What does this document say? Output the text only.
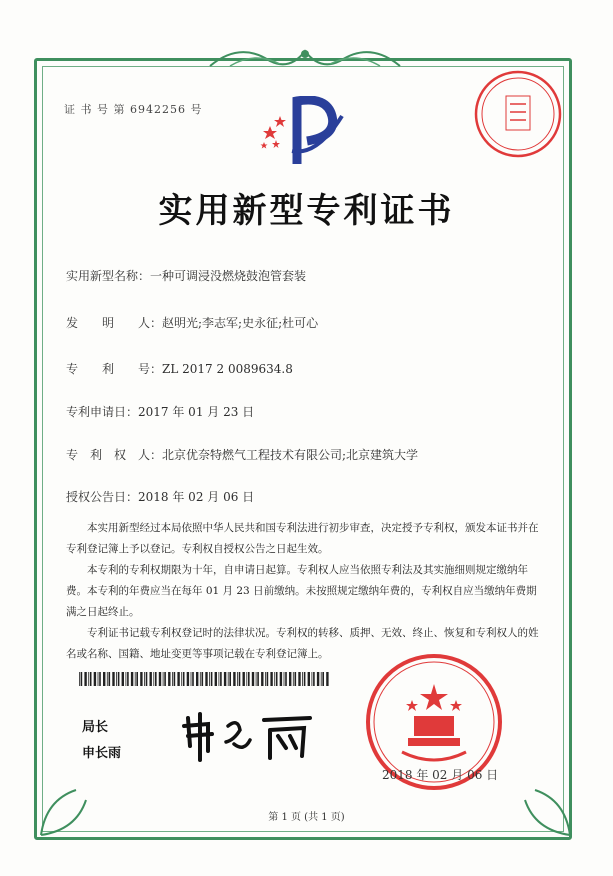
证 书 号 第 6942256 号
实用新型专利证书
实用新型名称：一种可调浸没燃烧鼓泡管套装
发　　明　　人：赵明光;李志军;史永征;杜可心
专　　利　　号：ZL 2017 2 0089634.8
专利申请日：2017 年 01 月 23 日
专　利　权　人：北京优奈特燃气工程技术有限公司;北京建筑大学
授权公告日：2018 年 02 月 06 日

本实用新型经过本局依照中华人民共和国专利法进行初步审查，决定授予专利权，颁发本证书并在专利登记簿上予以登记。专利权自授权公告之日起生效。

本专利的专利权期限为十年，自申请日起算。专利权人应当依照专利法及其实施细则规定缴纳年费。本专利的年费应当在每年 01 月 23 日前缴纳。未按照规定缴纳年费的，专利权自应当缴纳年费期满之日起终止。

专利证书记载专利权登记时的法律状况。专利权的转移、质押、无效、终止、恢复和专利权人的姓名或名称、国籍、地址变更等事项记载在专利登记簿上。

局长
申长雨
2018 年 02 月 06 日
第 1 页 (共 1 页)
